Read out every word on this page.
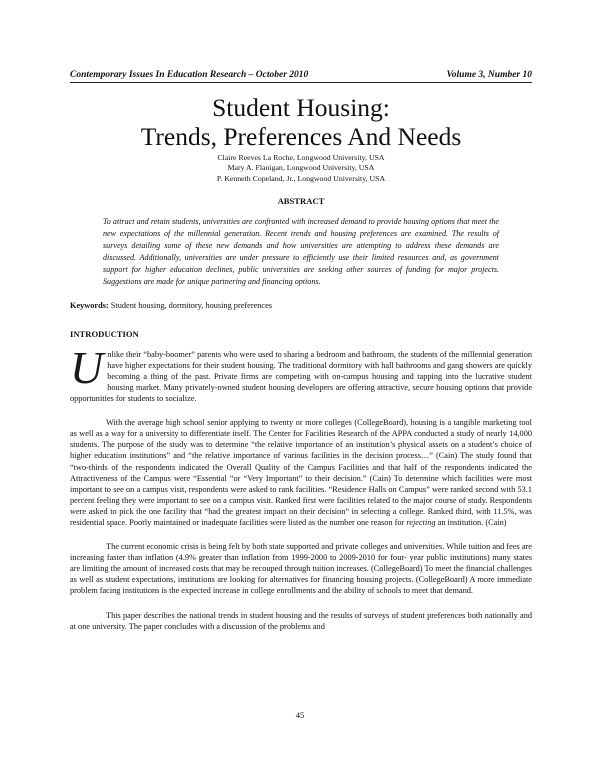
Contemporary Issues In Education Research – October 2010	Volume 3, Number 10
Student Housing:
Trends, Preferences And Needs
Claire Reeves La Roche, Longwood University, USA
Mary A. Flanigan, Longwood University, USA
P. Kenneth Copeland, Jr., Longwood University, USA
ABSTRACT
To attract and retain students, universities are confronted with increased demand to provide housing options that meet the new expectations of the millennial generation. Recent trends and housing preferences are examined. The results of surveys detailing some of these new demands and how universities are attempting to address these demands are discussed. Additionally, universities are under pressure to efficiently use their limited resources and, as government support for higher education declines, public universities are seeking other sources of funding for major projects. Suggestions are made for unique partnering and financing options.
Keywords: Student housing, dormitory, housing preferences
INTRODUCTION
U nlike their “baby-boomer” parents who were used to sharing a bedroom and bathroom, the students of the millennial generation have higher expectations for their student housing. The traditional dormitory with hall bathrooms and gang showers are quickly becoming a thing of the past. Private firms are competing with on-campus housing and tapping into the lucrative student housing market. Many privately-owned student housing developers are offering attractive, secure housing options that provide opportunities for students to socialize.
With the average high school senior applying to twenty or more colleges (CollegeBoard), housing is a tangible marketing tool as well as a way for a university to differentiate itself. The Center for Facilities Research of the APPA conducted a study of nearly 14,000 students. The purpose of the study was to determine “the relative importance of an institution’s physical assets on a student’s choice of higher education institutions” and “the relative importance of various facilities in the decision process…” (Cain) The study found that “two-thirds of the respondents indicated the Overall Quality of the Campus Facilities and that half of the respondents indicated the Attractiveness of the Campus were “Essential “or “Very Important” to their decision.” (Cain) To determine which facilities were most important to see on a campus visit, respondents were asked to rank facilities. “Residence Halls on Campus” were ranked second with 53.1 percent feeling they were important to see on a campus visit. Ranked first were facilities related to the major course of study. Respondents were asked to pick the one facility that “had the greatest impact on their decision” in selecting a college. Ranked third, with 11.5%, was residential space. Poorly maintained or inadequate facilities were listed as the number one reason for rejecting an institution. (Cain)
The current economic crisis is being felt by both state supported and private colleges and universities. While tuition and fees are increasing faster than inflation (4.9% greater than inflation from 1999-2000 to 2009-2010 for four- year public institutions) many states are limiting the amount of increased costs that may be recouped through tuition increases. (CollegeBoard) To meet the financial challenges as well as student expectations, institutions are looking for alternatives for financing housing projects. (CollegeBoard) A more immediate problem facing institutions is the expected increase in college enrollments and the ability of schools to meet that demand.
This paper describes the national trends in student housing and the results of surveys of student preferences both nationally and at one university. The paper concludes with a discussion of the problems and
45
